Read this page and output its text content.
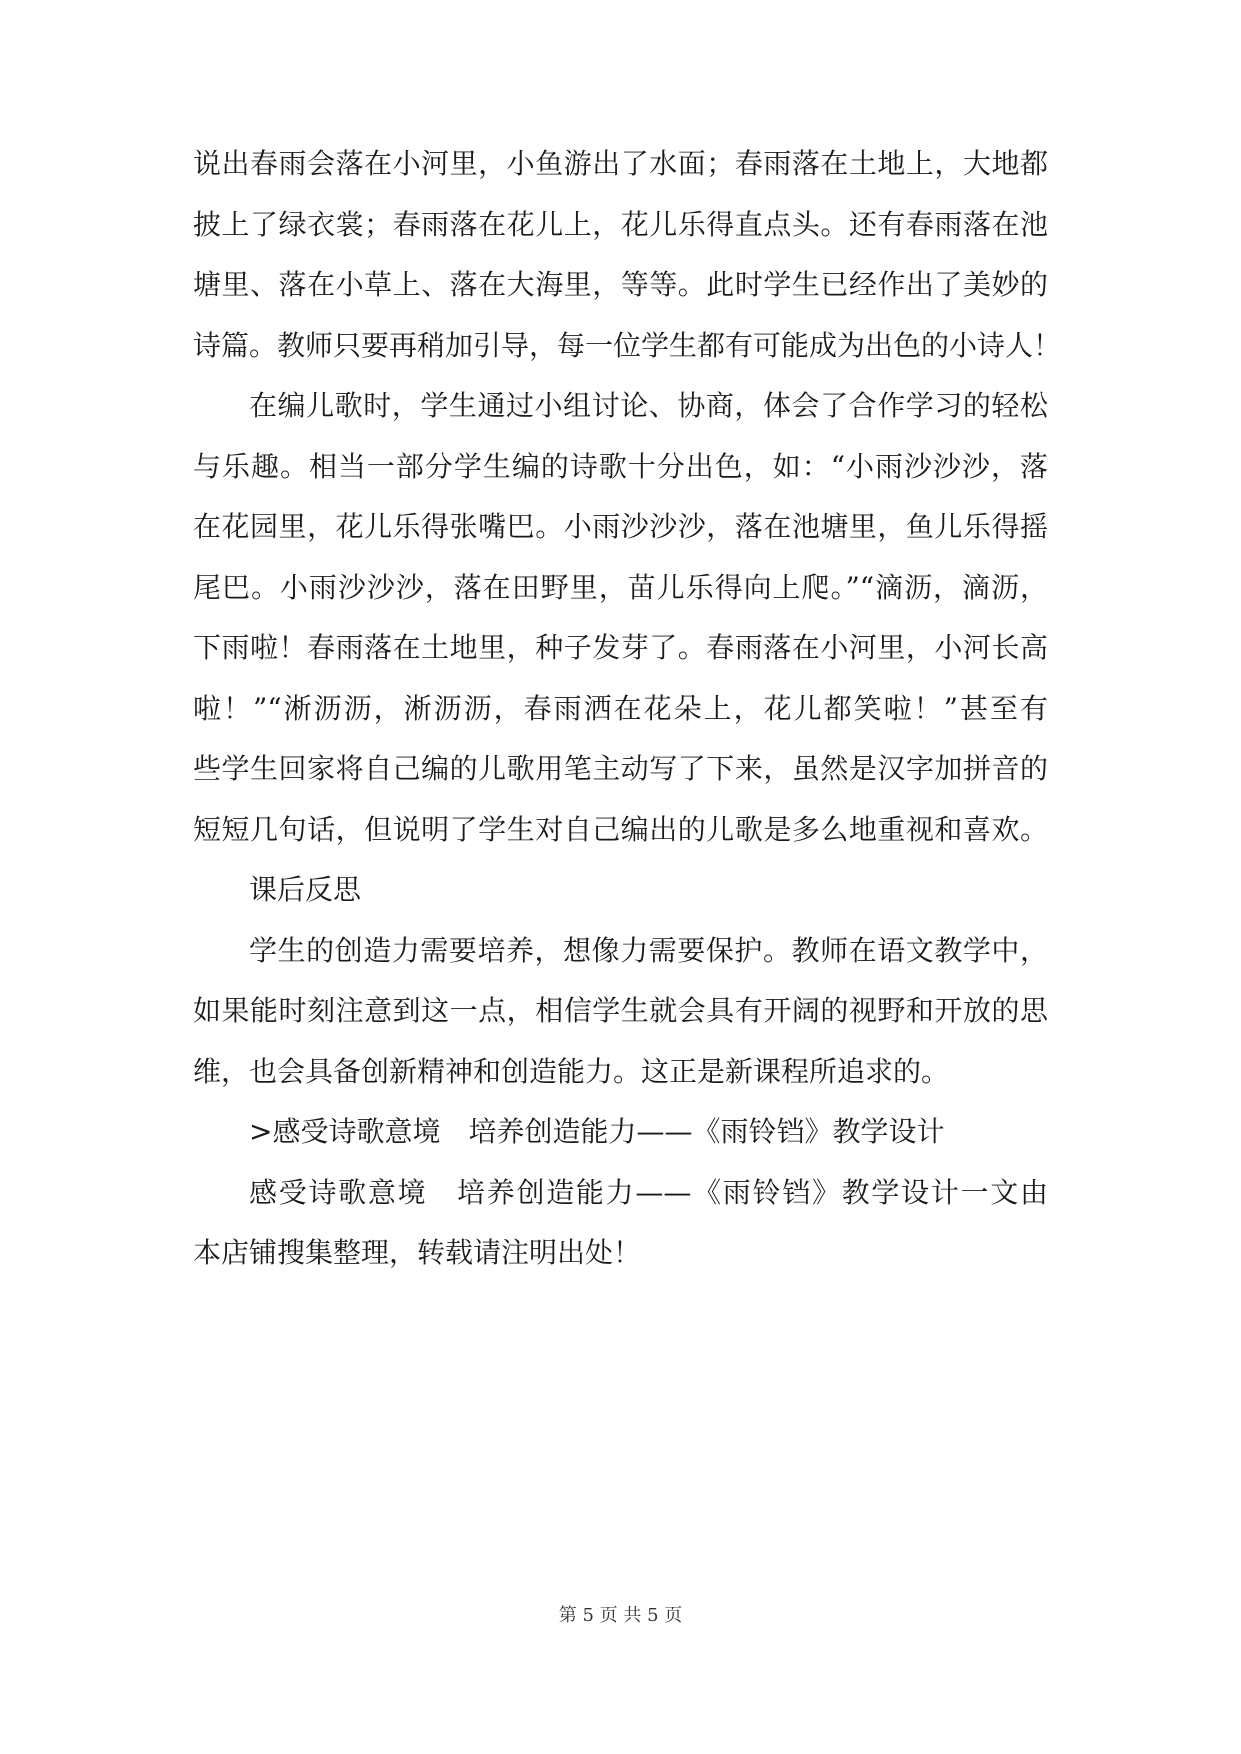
说出春雨会落在小河里，小鱼游出了水面；春雨落在土地上，大地都
披上了绿衣裳；春雨落在花儿上，花儿乐得直点头。还有春雨落在池
塘里、落在小草上、落在大海里，等等。此时学生已经作出了美妙的
诗篇。教师只要再稍加引导，每一位学生都有可能成为出色的小诗人！
在编儿歌时，学生通过小组讨论、协商，体会了合作学习的轻松
与乐趣。相当一部分学生编的诗歌十分出色，如：“小雨沙沙沙，落
在花园里，花儿乐得张嘴巴。小雨沙沙沙，落在池塘里，鱼儿乐得摇
尾巴。小雨沙沙沙，落在田野里，苗儿乐得向上爬。”“滴沥，滴沥，
下雨啦！春雨落在土地里，种子发芽了。春雨落在小河里，小河长高
啦！”“淅沥沥，淅沥沥，春雨洒在花朵上，花儿都笑啦！”甚至有
些学生回家将自己编的儿歌用笔主动写了下来，虽然是汉字加拼音的
短短几句话，但说明了学生对自己编出的儿歌是多么地重视和喜欢。
课后反思
学生的创造力需要培养，想像力需要保护。教师在语文教学中，
如果能时刻注意到这一点，相信学生就会具有开阔的视野和开放的思
维，也会具备创新精神和创造能力。这正是新课程所追求的。
>感受诗歌意境　培养创造能力——《雨铃铛》教学设计
感受诗歌意境　培养创造能力——《雨铃铛》教学设计一文由
本店铺搜集整理，转载请注明出处！
第 5 页 共 5 页
